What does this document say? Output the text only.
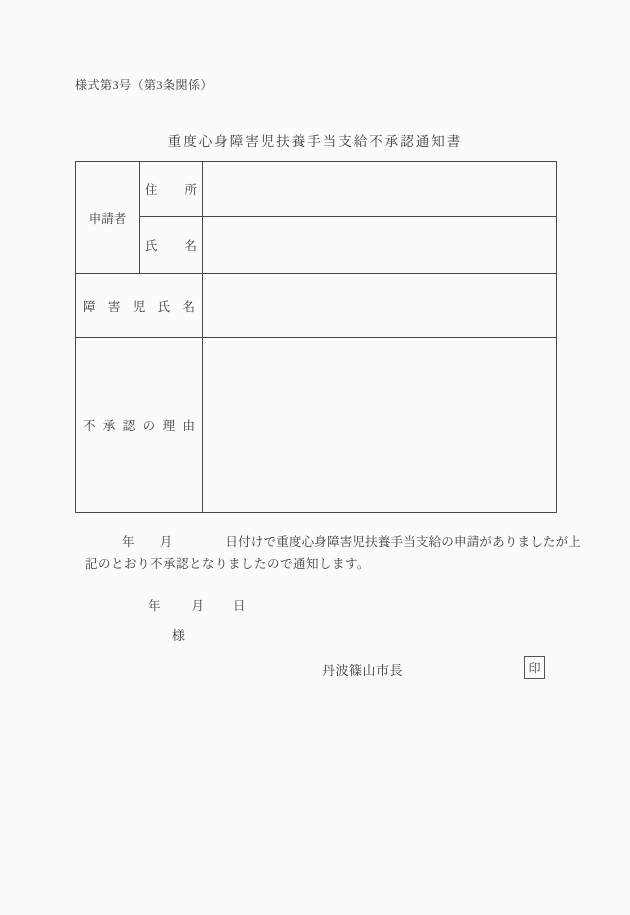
様式第3号（第3条関係）
重度心身障害児扶養手当支給不承認通知書
申請者	住 所	

	氏 名	

障 害 児 氏 名		

不 承 認 の 理 由

年 月	日付けで重度心身障害児扶養手当支給の申請がありましたが上
記のとおり不承認となりましたので通知します。
年 月 日
様
丹波篠山市長	印
